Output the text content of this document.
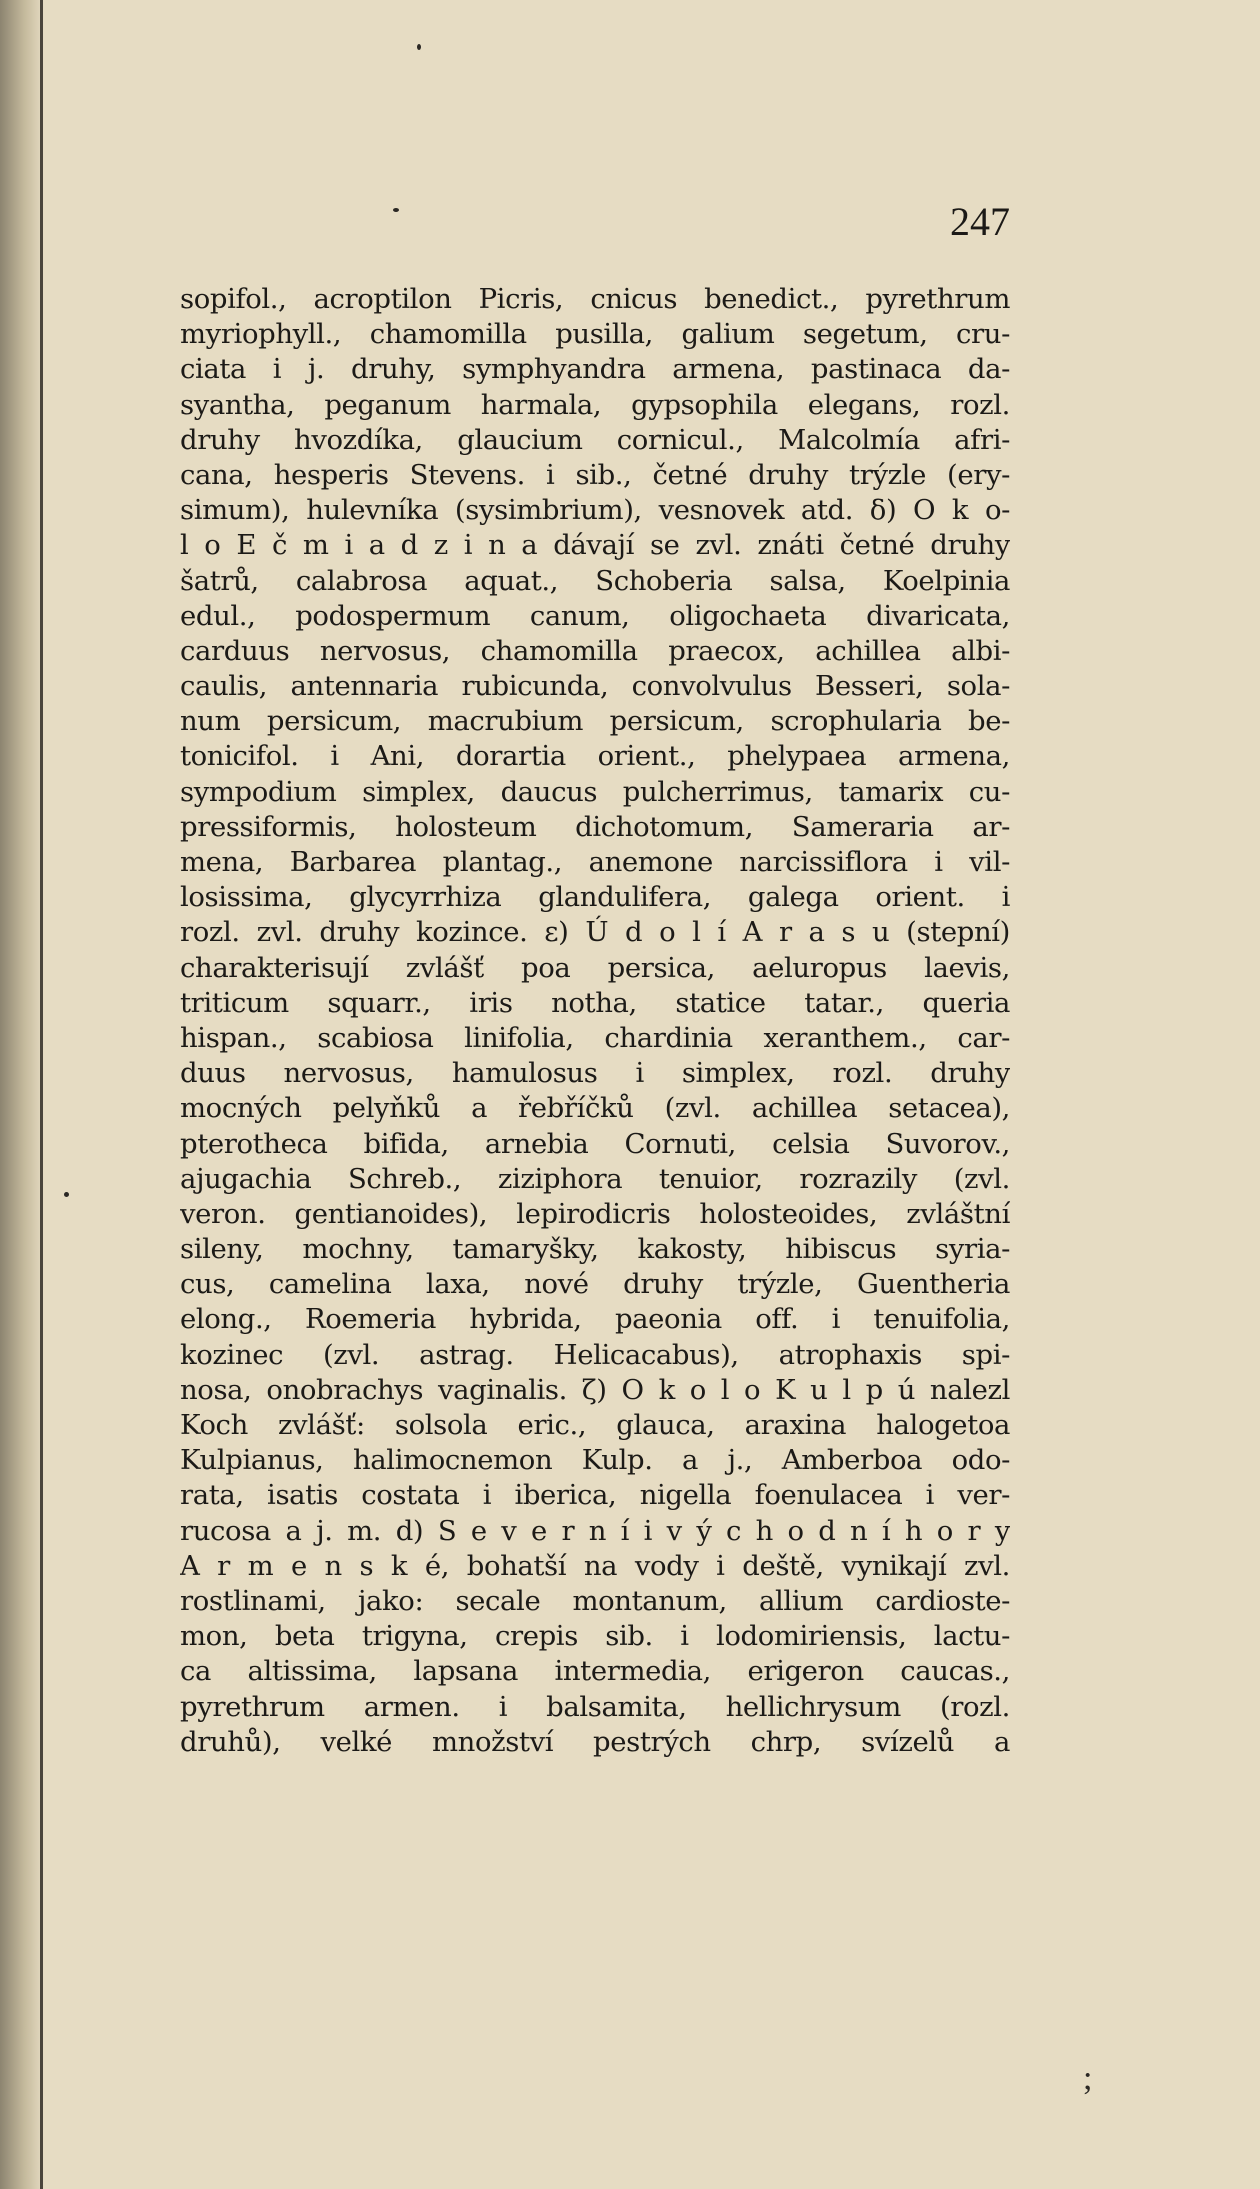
247
sopifol., acroptilon Picris, cnicus benedict., pyrethrum
myriophyll., chamomilla pusilla, galium segetum, cru-
ciata i j. druhy, symphyandra armena, pastinaca da-
syantha, peganum harmala, gypsophila elegans, rozl.
druhy hvozdíka, glaucium cornicul., Malcolmía afri-
cana, hesperis Stevens. i sib., četné druhy trýzle (ery-
simum), hulevníka (sysimbrium), vesnovek atd. δ) O k o-
l o E č m i a d z i n a dávají se zvl. znáti četné druhy
šatrů, calabrosa aquat., Schoberia salsa, Koelpinia
edul., podospermum canum, oligochaeta divaricata,
carduus nervosus, chamomilla praecox, achillea albi-
caulis, antennaria rubicunda, convolvulus Besseri, sola-
num persicum, macrubium persicum, scrophularia be-
tonicifol. i Ani, dorartia orient., phelypaea armena,
sympodium simplex, daucus pulcherrimus, tamarix cu-
pressiformis, holosteum dichotomum, Sameraria ar-
mena, Barbarea plantag., anemone narcissiflora i vil-
losissima, glycyrrhiza glandulifera, galega orient. i
rozl. zvl. druhy kozince. ε) Ú d o l í A r a s u (stepní)
charakterisují zvlášť poa persica, aeluropus laevis,
triticum squarr., iris notha, statice tatar., queria
hispan., scabiosa linifolia, chardinia xeranthem., car-
duus nervosus, hamulosus i simplex, rozl. druhy
mocných pelyňků a řebříčků (zvl. achillea setacea),
pterotheca bifida, arnebia Cornuti, celsia Suvorov.,
ajugachia Schreb., ziziphora tenuior, rozrazily (zvl.
veron. gentianoides), lepirodicris holosteoides, zvláštní
sileny, mochny, tamaryšky, kakosty, hibiscus syria-
cus, camelina laxa, nové druhy trýzle, Guentheria
elong., Roemeria hybrida, paeonia off. i tenuifolia,
kozinec (zvl. astrag. Helicacabus), atrophaxis spi-
nosa, onobrachys vaginalis. ζ) O k o l o K u l p ú nalezl
Koch zvlášť: solsola eric., glauca, araxina halogetoa
Kulpianus, halimocnemon Kulp. a j., Amberboa odo-
rata, isatis costata i iberica, nigella foenulacea i ver-
rucosa a j. m. d) S e v e r n í i v ý c h o d n í h o r y
A r m e n s k é, bohatší na vody i deště, vynikají zvl.
rostlinami, jako: secale montanum, allium cardioste-
mon, beta trigyna, crepis sib. i lodomiriensis, lactu-
ca altissima, lapsana intermedia, erigeron caucas.,
pyrethrum armen. i balsamita, hellichrysum (rozl.
druhů), velké množství pestrých chrp, svízelů a
;
